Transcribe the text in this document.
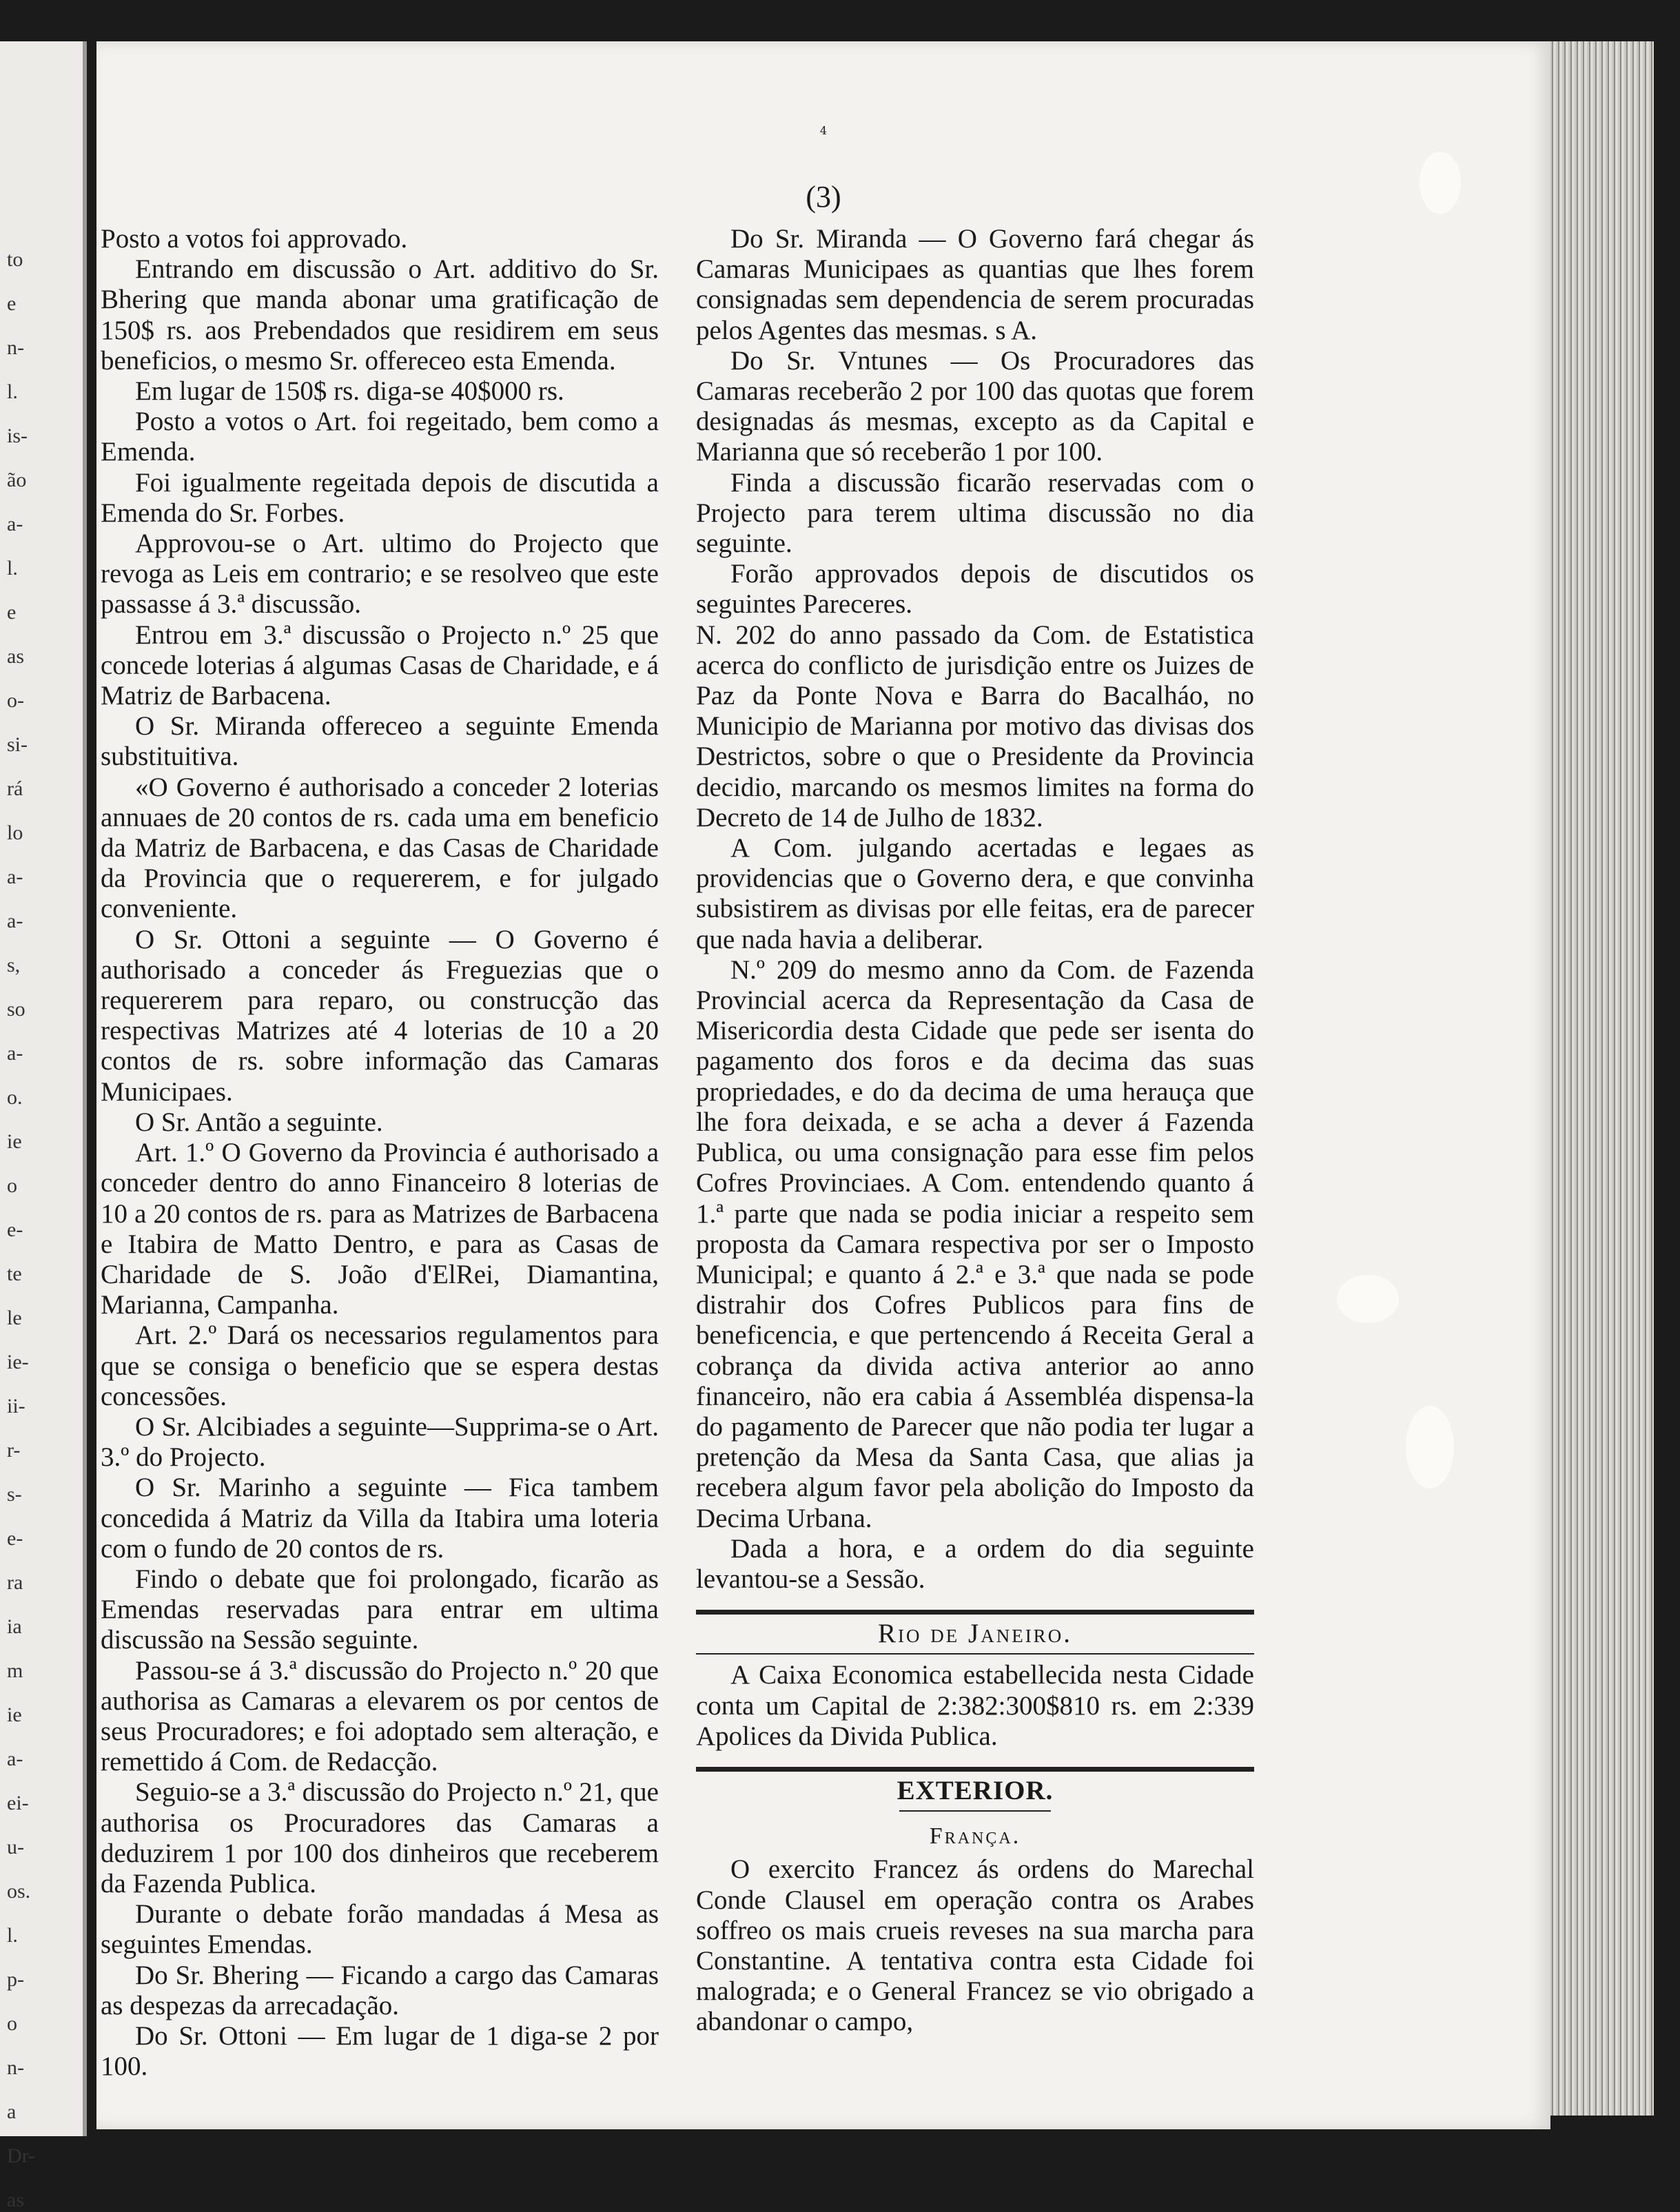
to
e
n-
l.
is-
ão
a-
l.
e
as
o-
si-
rá
lo
a-
a-
s,
so
a-
o.
ie
o
e-
te
le
ie-
ii-
r-
s-
e-
ra
ia
m
ie
a-
ei-
u-
os.
l.
p-
o
n-
a
Dr-
as
4
(3)

Posto a votos foi approvado.

Entrando em discussão o Art. additivo do Sr. Bhering que manda abonar uma gratificação de 150$ rs. aos Prebendados que residirem em seus beneficios, o mesmo Sr. offereceo esta Emenda.

Em lugar de 150$ rs. diga-se 40$000 rs.

Posto a votos o Art. foi regeitado, bem como a Emenda.

Foi igualmente regeitada depois de discutida a Emenda do Sr. Forbes.

Approvou-se o Art. ultimo do Projecto que revoga as Leis em contrario; e se resolveo que este passasse á 3.ª discussão.

Entrou em 3.ª discussão o Projecto n.º 25 que concede loterias á algumas Casas de Charidade, e á Matriz de Barbacena.

O Sr. Miranda offereceo a seguinte Emenda substituitiva.

«O Governo é authorisado a conceder 2 loterias annuaes de 20 contos de rs. cada uma em beneficio da Matriz de Barbacena, e das Casas de Charidade da Provincia que o requererem, e for julgado conveniente.

O Sr. Ottoni a seguinte — O Governo é authorisado a conceder ás Freguezias que o requererem para reparo, ou construcção das respectivas Matrizes até 4 loterias de 10 a 20 contos de rs. sobre informação das Camaras Municipaes.

O Sr. Antão a seguinte.

Art. 1.º O Governo da Provincia é authorisado a conceder dentro do anno Financeiro 8 loterias de 10 a 20 contos de rs. para as Matrizes de Barbacena e Itabira de Matto Dentro, e para as Casas de Charidade de S. João d'ElRei, Diamantina, Marianna, Campanha.

Art. 2.º Dará os necessarios regulamentos para que se consiga o beneficio que se espera destas concessões.

O Sr. Alcibiades a seguinte—Supprima-se o Art. 3.º do Projecto.

O Sr. Marinho a seguinte — Fica tambem concedida á Matriz da Villa da Itabira uma loteria com o fundo de 20 contos de rs.

Findo o debate que foi prolongado, ficarão as Emendas reservadas para entrar em ultima discussão na Sessão seguinte.

Passou-se á 3.ª discussão do Projecto n.º 20 que authorisa as Camaras a elevarem os por centos de seus Procuradores; e foi adoptado sem alteração, e remettido á Com. de Redacção.

Seguio-se a 3.ª discussão do Projecto n.º 21, que authorisa os Procuradores das Camaras a deduzirem 1 por 100 dos dinheiros que receberem da Fazenda Publica.

Durante o debate forão mandadas á Mesa as seguintes Emendas.

Do Sr. Bhering — Ficando a cargo das Camaras as despezas da arrecadação.

Do Sr. Ottoni — Em lugar de 1 diga-se 2 por 100.

Do Sr. Miranda — O Governo fará chegar ás Camaras Municipaes as quantias que lhes forem consignadas sem dependencia de serem procuradas pelos Agentes das mesmas. s A.

Do Sr. Vntunes — Os Procuradores das Camaras receberão 2 por 100 das quotas que forem designadas ás mesmas, excepto as da Capital e Marianna que só receberão 1 por 100.

Finda a discussão ficarão reservadas com o Projecto para terem ultima discussão no dia seguinte.

Forão approvados depois de discutidos os seguintes Pareceres.

N. 202 do anno passado da Com. de Estatistica acerca do conflicto de jurisdição entre os Juizes de Paz da Ponte Nova e Barra do Bacalháo, no Municipio de Marianna por motivo das divisas dos Destrictos, sobre o que o Presidente da Provincia decidio, marcando os mesmos limites na forma do Decreto de 14 de Julho de 1832.

A Com. julgando acertadas e legaes as providencias que o Governo dera, e que convinha subsistirem as divisas por elle feitas, era de parecer que nada havia a deliberar.

N.º 209 do mesmo anno da Com. de Fazenda Provincial acerca da Representação da Casa de Misericordia desta Cidade que pede ser isenta do pagamento dos foros e da decima das suas propriedades, e do da decima de uma herauça que lhe fora deixada, e se acha a dever á Fazenda Publica, ou uma consignação para esse fim pelos Cofres Provinciaes. A Com. entendendo quanto á 1.ª parte que nada se podia iniciar a respeito sem proposta da Camara respectiva por ser o Imposto Municipal; e quanto á 2.ª e 3.ª que nada se pode distrahir dos Cofres Publicos para fins de beneficencia, e que pertencendo á Receita Geral a cobrança da divida activa anterior ao anno financeiro, não era cabia á Assembléa dispensa-la do pagamento de Parecer que não podia ter lugar a pretenção da Mesa da Santa Casa, que alias ja recebera algum favor pela abolição do Imposto da Decima Urbana.

Dada a hora, e a ordem do dia seguinte levantou-se a Sessão.

Rio de Janeiro.

A Caixa Economica estabellecida nesta Cidade conta um Capital de 2:382:300$810 rs. em 2:339 Apolices da Divida Publica.

EXTERIOR.
França.

O exercito Francez ás ordens do Marechal Conde Clausel em operação contra os Arabes soffreo os mais crueis reveses na sua marcha para Constantine. A tentativa contra esta Cidade foi malograda; e o General Francez se vio obrigado a abandonar o campo,
